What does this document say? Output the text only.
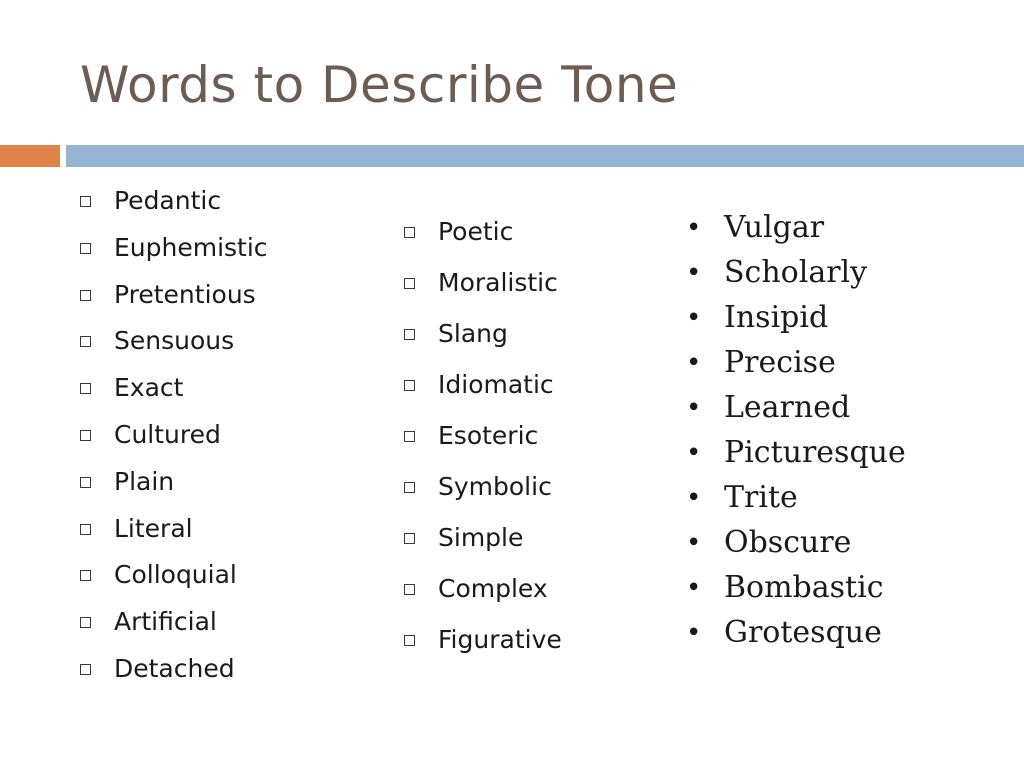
Words to Describe Tone
Pedantic
Euphemistic
Pretentious
Sensuous
Exact
Cultured
Plain
Literal
Colloquial
Artificial
Detached
Poetic
Moralistic
Slang
Idiomatic
Esoteric
Symbolic
Simple
Complex
Figurative
• Vulgar
• Scholarly
• Insipid
• Precise
• Learned
• Picturesque
• Trite
• Obscure
• Bombastic
• Grotesque
